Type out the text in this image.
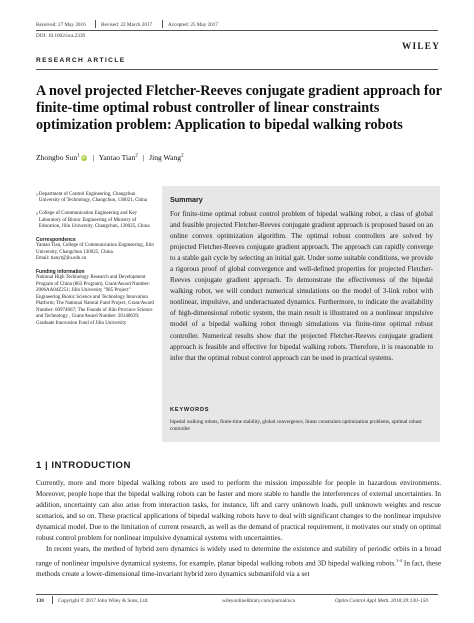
Received: 27 May 2016	Revised: 22 March 2017	Accepted: 25 May 2017
DOI: 10.1002/oca.2339
WILEY
RESEARCH ARTICLE
A novel projected Fletcher-Reeves conjugate gradient approach for finite-time optimal robust controller of linear constraints optimization problem: Application to bipedal walking robots
Zhongbo Sun$^1$ iD | Yantao Tian$^2$ | Jing Wang$^2$
1 Department of Control Engineering, Changchun University of Technology, Changchun, 130021, China
2 College of Communication Engineering and Key Laboratory of Bionic Engineering of Ministry of Education, Jilin University, Changchun, 130025, China
Correspondence
Yantao Tian, College of Communication Engineering, Jilin University, Changchun 130025, China.
Email: tianyt@jlu.edu.cn
Funding information
National High Technology Research and Development Program of China (863 Program), Grant/Award Number: 2006AA04Z251; Jilin University "985 Project" Engineering Bionic Science and Technology Innovation Platform; The National Natural Fund Project, Grant/Award Number: 60974067; The Founds of Jilin Province Science and Technology , Grant/Award Number: 20140639; Graduate Innovation Fund of Jilin University
Summary
For finite-time optimal robust control problem of bipedal walking robot, a class of global and feasible projected Fletcher-Reeves conjugate gradient approach is proposed based on an online convex optimization algorithm. The optimal robust controllers are solved by projected Fletcher-Reeves conjugate gradient approach. The approach can rapidly converge to a stable gait cycle by selecting an initial gait. Under some suitable conditions, we provide a rigorous proof of global convergence and well-defined properties for projected Fletcher-Reeves conjugate gradient approach. To demonstrate the effectiveness of the bipedal walking robot, we will conduct numerical simulations on the model of 3-link robot with nonlinear, impulsive, and underactuated dynamics. Furthermore, to indicate the availability of high-dimensional robotic system, the main result is illustrated on a nonlinear impulsive model of a bipedal walking robot through simulations via finite-time optimal robust controller. Numerical results show that the projected Fletcher-Reeves conjugate gradient approach is feasible and effective for bipedal walking robots. Therefore, it is reasonable to infer that the optimal robust control approach can be used in practical systems.
KEYWORDS
bipedal walking robots, finite-time stability, global convergence, linear constraints optimization problems, optimal robust controller
1 | INTRODUCTION

Currently, more and more bipedal walking robots are used to perform the mission impossible for people in hazardous environments. Moreover, people hope that the bipedal walking robots can be faster and more stable to handle the interferences of external uncertainties. In addition, uncertainty can also arise from interaction tasks, for instance, lift and carry unknown loads, pull unknown weights and rescue scenarios, and so on. These practical applications of bipedal walking robots have to deal with significant changes to the nonlinear impulsive dynamical model. Due to the limitation of current research, as well as the demand of practical requirement, it motivates our study on optimal robust control problem for nonlinear impulsive dynamical systems with uncertainties.

In recent years, the method of hybrid zero dynamics is widely used to determine the existence and stability of periodic orbits in a broad range of nonlinear impulsive dynamical systems, for example, planar bipedal walking robots and 3D bipedal walking robots.$^{1-4}$ In fact, these methods create a lower-dimensional time-invariant hybrid zero dynamics submanifold via a set

130	Copyright © 2017 John Wiley & Sons, Ltd.	wileyonlinelibrary.com/journal/oca	Optim Control Appl Meth. 2018;39:130–150.
